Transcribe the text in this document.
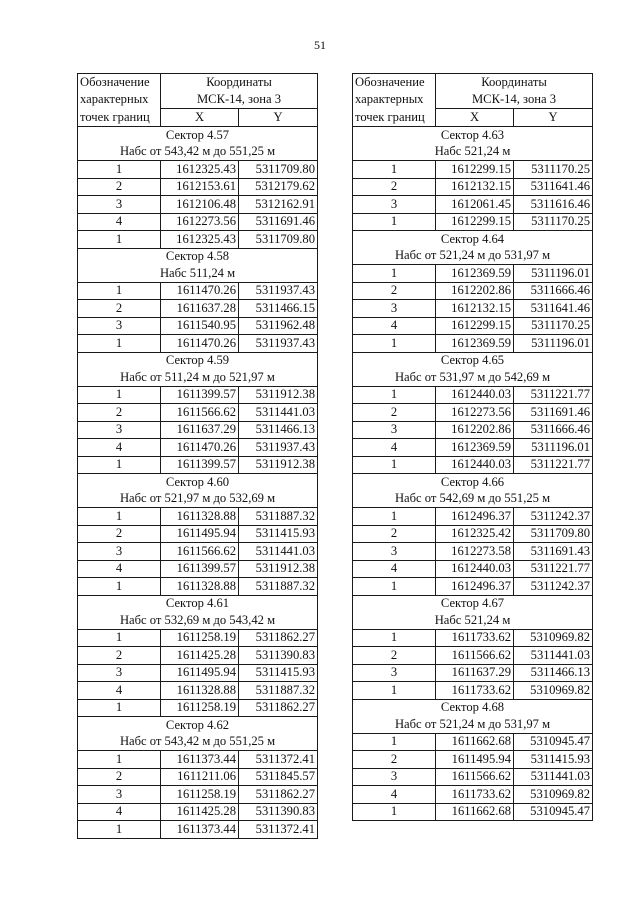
51
Обозначение	Координаты	
характерных	МСК-14, зона 3	
точек границ	X	Y
Сектор 4.57		
Набс от 543,42 м до 551,25 м		
1	1612325.43	5311709.80
2	1612153.61	5312179.62
3	1612106.48	5312162.91
4	1612273.56	5311691.46
1	1612325.43	5311709.80
Сектор 4.58		
Набс 511,24 м		
1	1611470.26	5311937.43
2	1611637.28	5311466.15
3	1611540.95	5311962.48
1	1611470.26	5311937.43
Сектор 4.59		
Набс от 511,24 м до 521,97 м		
1	1611399.57	5311912.38
2	1611566.62	5311441.03
3	1611637.29	5311466.13
4	1611470.26	5311937.43
1	1611399.57	5311912.38
Сектор 4.60		
Набс от 521,97 м до 532,69 м		
1	1611328.88	5311887.32
2	1611495.94	5311415.93
3	1611566.62	5311441.03
4	1611399.57	5311912.38
1	1611328.88	5311887.32
Сектор 4.61		
Набс от 532,69 м до 543,42 м		
1	1611258.19	5311862.27
2	1611425.28	5311390.83
3	1611495.94	5311415.93
4	1611328.88	5311887.32
1	1611258.19	5311862.27
Сектор 4.62		
Набс от 543,42 м до 551,25 м		
1	1611373.44	5311372.41
2	1611211.06	5311845.57
3	1611258.19	5311862.27
4	1611425.28	5311390.83
1	1611373.44	5311372.41
Обозначение	Координаты	
характерных	МСК-14, зона 3	
точек границ	X	Y
Сектор 4.63		
Набс 521,24 м		
1	1612299.15	5311170.25
2	1612132.15	5311641.46
3	1612061.45	5311616.46
1	1612299.15	5311170.25
Сектор 4.64		
Набс от 521,24 м до 531,97 м		
1	1612369.59	5311196.01
2	1612202.86	5311666.46
3	1612132.15	5311641.46
4	1612299.15	5311170.25
1	1612369.59	5311196.01
Сектор 4.65		
Набс от 531,97 м до 542,69 м		
1	1612440.03	5311221.77
2	1612273.56	5311691.46
3	1612202.86	5311666.46
4	1612369.59	5311196.01
1	1612440.03	5311221.77
Сектор 4.66		
Набс от 542,69 м до 551,25 м		
1	1612496.37	5311242.37
2	1612325.42	5311709.80
3	1612273.58	5311691.43
4	1612440.03	5311221.77
1	1612496.37	5311242.37
Сектор 4.67		
Набс 521,24 м		
1	1611733.62	5310969.82
2	1611566.62	5311441.03
3	1611637.29	5311466.13
1	1611733.62	5310969.82
Сектор 4.68		
Набс от 521,24 м до 531,97 м		
1	1611662.68	5310945.47
2	1611495.94	5311415.93
3	1611566.62	5311441.03
4	1611733.62	5310969.82
1	1611662.68	5310945.47
